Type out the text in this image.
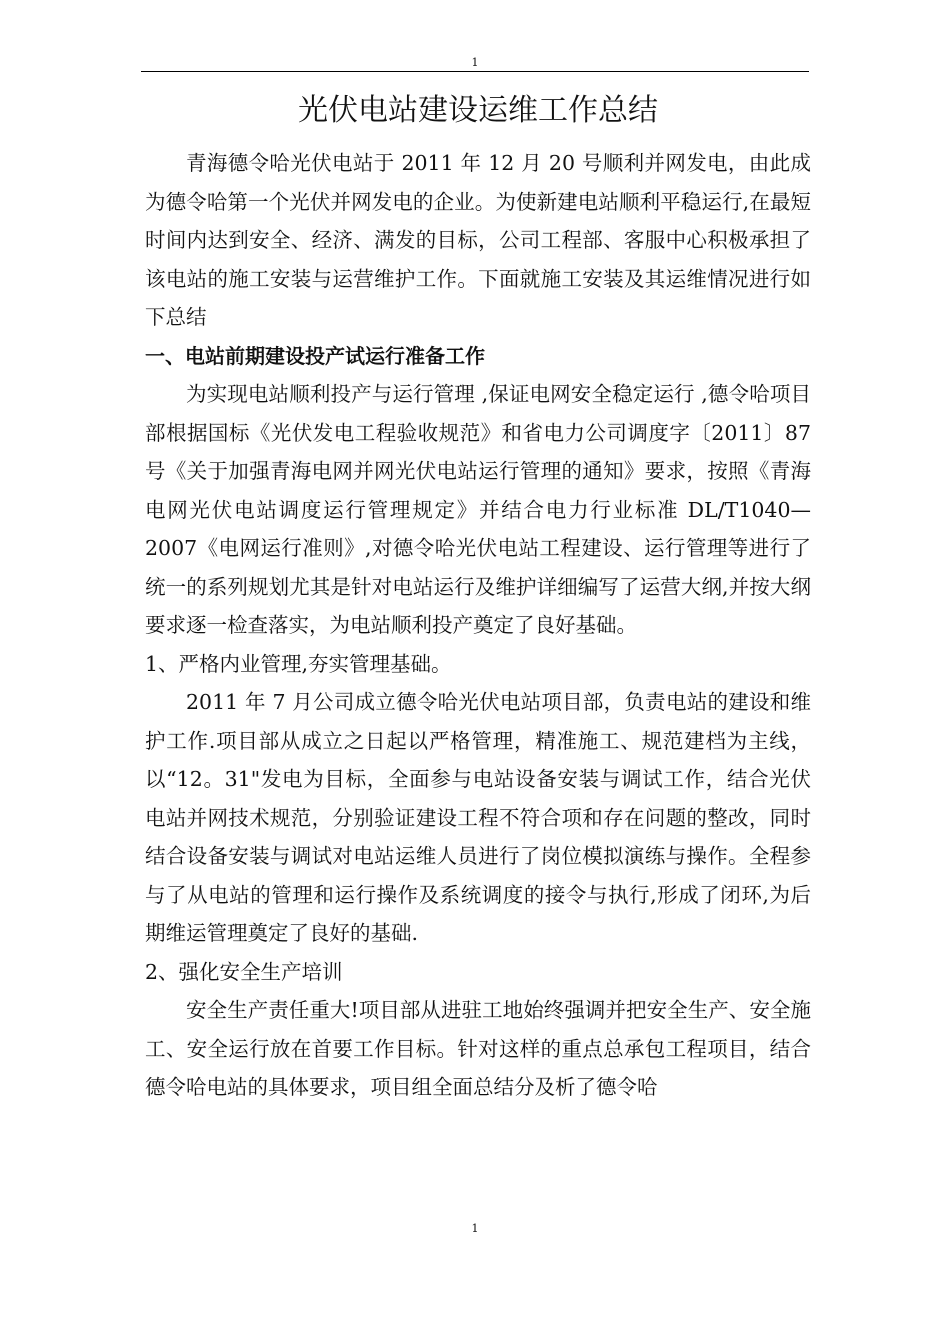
1
光伏电站建设运维工作总结

青海德令哈光伏电站于 2011 年 12 月 20 号顺利并网发电，由此成为德令哈第一个光伏并网发电的企业。为使新建电站顺利平稳运行,在最短时间内达到安全、经济、满发的目标，公司工程部、客服中心积极承担了该电站的施工安装与运营维护工作。下面就施工安装及其运维情况进行如下总结

一、电站前期建设投产试运行准备工作

为实现电站顺利投产与运行管理 ,保证电网安全稳定运行 ,德令哈项目部根据国标《光伏发电工程验收规范》和省电力公司调度字〔2011〕87 号《关于加强青海电网并网光伏电站运行管理的通知》要求，按照《青海电网光伏电站调度运行管理规定》并结合电力行业标准 DL/T1040—2007《电网运行准则》,对德令哈光伏电站工程建设、运行管理等进行了统一的系列规划尤其是针对电站运行及维护详细编写了运营大纲,并按大纲要求逐一检查落实，为电站顺利投产奠定了良好基础。

1、严格内业管理,夯实管理基础。

2011 年 7 月公司成立德令哈光伏电站项目部，负责电站的建设和维护工作.项目部从成立之日起以严格管理，精准施工、规范建档为主线，以“12。31"发电为目标，全面参与电站设备安装与调试工作，结合光伏电站并网技术规范，分别验证建设工程不符合项和存在问题的整改，同时结合设备安装与调试对电站运维人员进行了岗位模拟演练与操作。全程参与了从电站的管理和运行操作及系统调度的接令与执行,形成了闭环,为后期维运管理奠定了良好的基础.

2、强化安全生产培训

安全生产责任重大!项目部从进驻工地始终强调并把安全生产、安全施工、安全运行放在首要工作目标。针对这样的重点总承包工程项目，结合德令哈电站的具体要求，项目组全面总结分及析了德令哈

1
